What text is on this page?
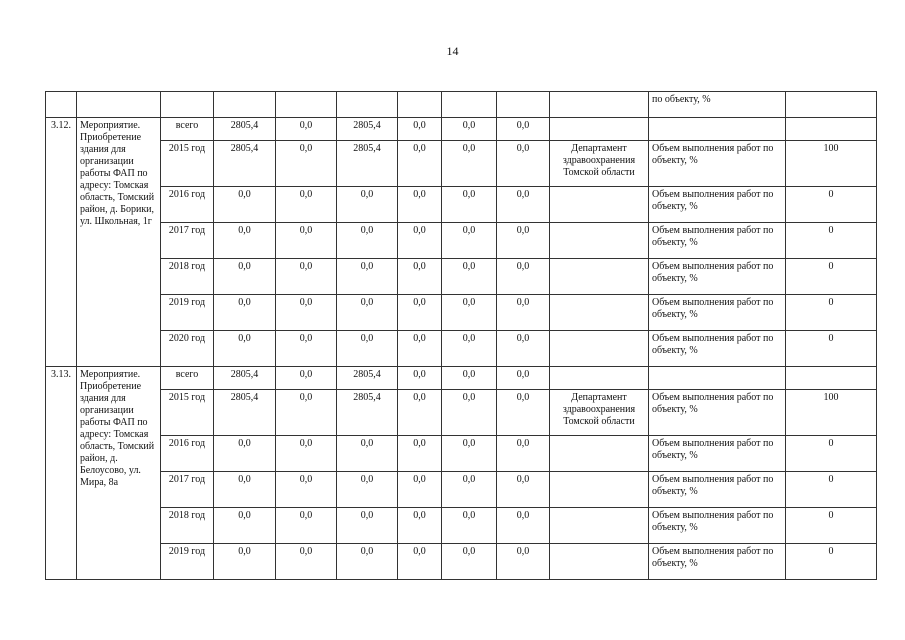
14
										по объекту, %	
3.12.	Мероприятие. Приобретение здания для организации работы ФАП по адресу: Томская область, Томский район, д. Борики, ул. Школьная, 1г	всего	2805,4	0,0	2805,4	0,0	0,0	0,0			
		2015 год	2805,4	0,0	2805,4	0,0	0,0	0,0	Департамент здравоохранения Томской области	Объем выполнения работ по объекту, %	100
		2016 год	0,0	0,0	0,0	0,0	0,0	0,0		Объем выполнения работ по объекту, %	0
		2017 год	0,0	0,0	0,0	0,0	0,0	0,0		Объем выполнения работ по объекту, %	0
		2018 год	0,0	0,0	0,0	0,0	0,0	0,0		Объем выполнения работ по объекту, %	0
		2019 год	0,0	0,0	0,0	0,0	0,0	0,0		Объем выполнения работ по объекту, %	0
		2020 год	0,0	0,0	0,0	0,0	0,0	0,0		Объем выполнения работ по объекту, %	0
3.13.	Мероприятие. Приобретение здания для организации работы ФАП по адресу: Томская область, Томский район, д. Белоусово, ул. Мира, 8а	всего	2805,4	0,0	2805,4	0,0	0,0	0,0			
		2015 год	2805,4	0,0	2805,4	0,0	0,0	0,0	Департамент здравоохранения Томской области	Объем выполнения работ по объекту, %	100
		2016 год	0,0	0,0	0,0	0,0	0,0	0,0		Объем выполнения работ по объекту, %	0
		2017 год	0,0	0,0	0,0	0,0	0,0	0,0		Объем выполнения работ по объекту, %	0
		2018 год	0,0	0,0	0,0	0,0	0,0	0,0		Объем выполнения работ по объекту, %	0
		2019 год	0,0	0,0	0,0	0,0	0,0	0,0		Объем выполнения работ по объекту, %	0
